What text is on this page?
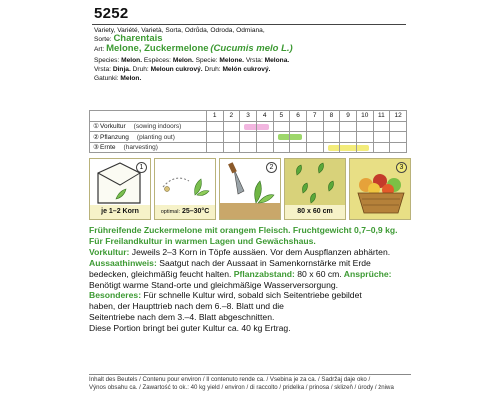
5252
Variety, Variété, Varietà, Sorta, Odrůda, Odroda, Odmiana,
Sorte: Charentais
Art: Melone, Zuckermelone (Cucumis melo L.)
Species: Melon. Espèces: Melon. Specie: Melone. Vrsta: Melona.
Vrsta: Dinja. Druh: Meloun cukrový. Druh: Melón cukrový.
Gatunki: Melon.
	1	2	3	4	5	6	7	8	9	10	11	12
①Vorkultur (sowing indoors)			

②Pflanzung (planting out)					

③Ernte (harvesting)								

1
je 1–2 Korn	optimal: 25–30°C
2
80 x 60 cm
3
Frühreifende Zuckermelone mit orangem Fleisch. Fruchtgewicht 0,7–0,9 kg.
Für Freilandkultur in warmen Lagen und Gewächshaus.
Vorkultur: Jeweils 2–3 Korn in Töpfe aussäen. Vor dem Auspflanzen abhärten.
Aussaathinweis: Saatgut nach der Aussaat in Samenkornstärke mit Erde
bedecken, gleichmäßig feucht halten. Pflanzabstand: 80 x 60 cm. Ansprüche:
Benötigt warme Stand-orte und gleichmäßige Wasserversorgung.
Besonderes: Für schnelle Kultur wird, sobald sich Seitentriebe gebildet
haben, der Haupttrieb nach dem 6.–8. Blatt und die
Seitentriebe nach dem 3.–4. Blatt abgeschnitten.
Diese Portion bringt bei guter Kultur ca. 40 kg Ertrag.
Inhalt des Beutels / Contenu pour environ / Il contenuto rende ca. / Vsebina je za ca. / Sadržaj daje oko /
Výnos obsahu ca. / Zawartość to ok.: 40 kg yield / environ / di raccolto / pridelka / prinosa / sklizeň / úrody / żniwa
